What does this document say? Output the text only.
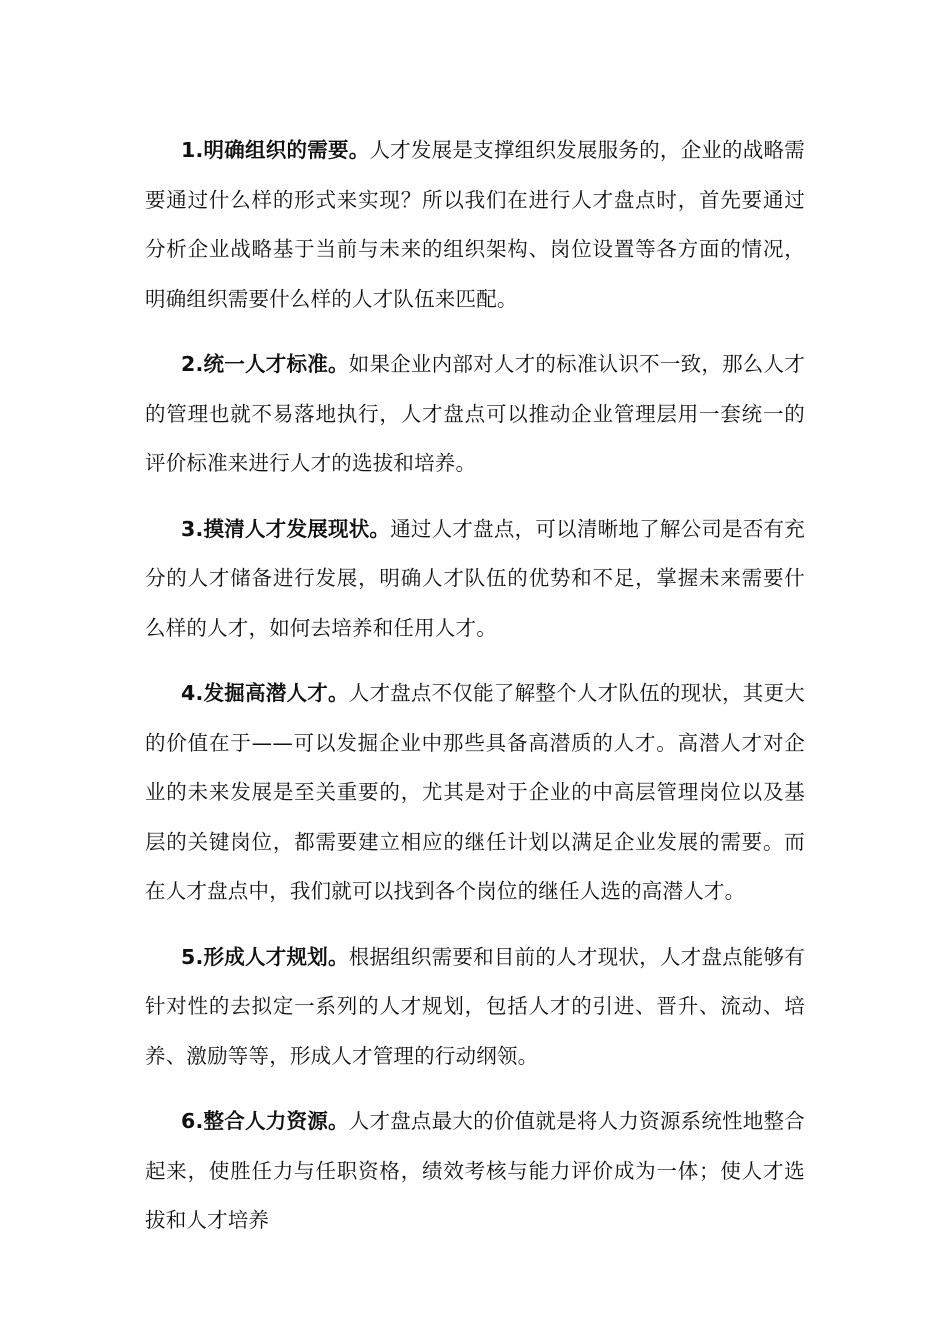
1.明确组织的需要。人才发展是支撑组织发展服务的，企业的战略需要通过什么样的形式来实现？所以我们在进行人才盘点时，首先要通过分析企业战略基于当前与未来的组织架构、岗位设置等各方面的情况，明确组织需要什么样的人才队伍来匹配。

2.统一人才标准。如果企业内部对人才的标准认识不一致，那么人才的管理也就不易落地执行，人才盘点可以推动企业管理层用一套统一的评价标准来进行人才的选拔和培养。

3.摸清人才发展现状。通过人才盘点，可以清晰地了解公司是否有充分的人才储备进行发展，明确人才队伍的优势和不足，掌握未来需要什么样的人才，如何去培养和任用人才。

4.发掘高潜人才。人才盘点不仅能了解整个人才队伍的现状，其更大的价值在于——可以发掘企业中那些具备高潜质的人才。高潜人才对企业的未来发展是至关重要的，尤其是对于企业的中高层管理岗位以及基层的关键岗位，都需要建立相应的继任计划以满足企业发展的需要。而在人才盘点中，我们就可以找到各个岗位的继任人选的高潜人才。

5.形成人才规划。根据组织需要和目前的人才现状，人才盘点能够有针对性的去拟定一系列的人才规划，包括人才的引进、晋升、流动、培养、激励等等，形成人才管理的行动纲领。

6.整合人力资源。人才盘点最大的价值就是将人力资源系统性地整合起来，使胜任力与任职资格，绩效考核与能力评价成为一体；使人才选拔和人才培养
